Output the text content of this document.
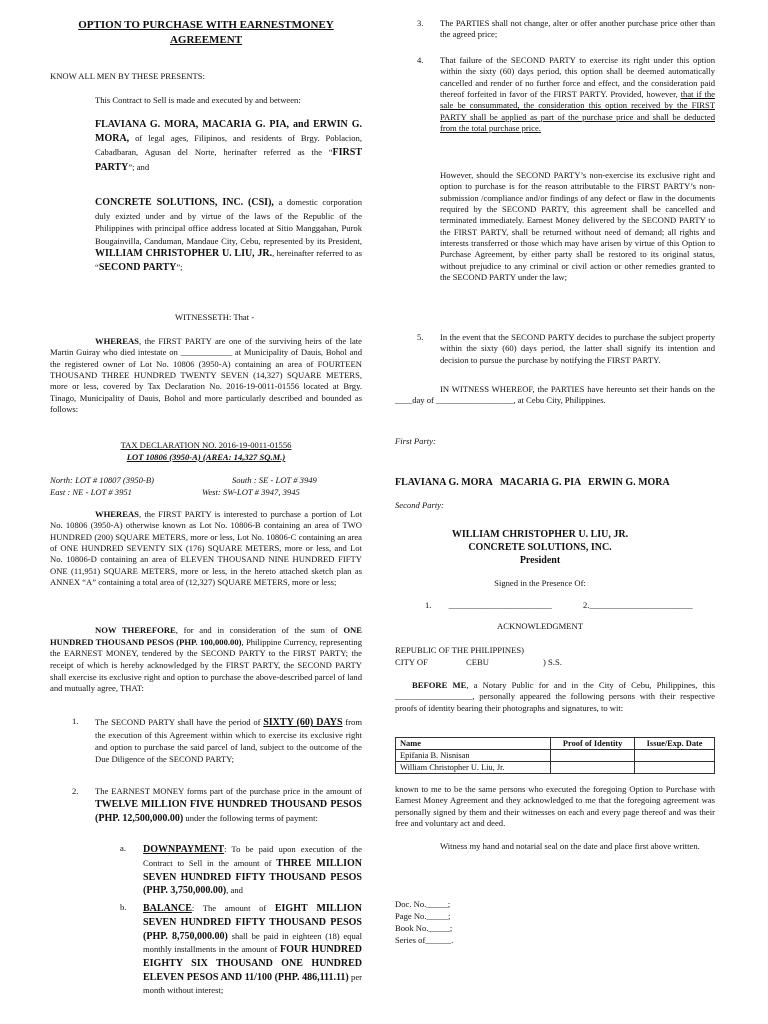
OPTION TO PURCHASE WITH EARNESTMONEY
AGREEMENT

KNOW ALL MEN BY THESE PRESENTS:

This Contract to Sell is made and executed by and between:

FLAVIANA G. MORA, MACARIA G. PIA, and ERWIN G. MORA, of legal ages, Filipinos, and residents of Brgy. Poblacion, Cabadbaran, Agusan del Norte, herinafter referred as the “FIRST PARTY”; and

CONCRETE SOLUTIONS, INC. (CSI), a domestic corporation duly exizted under and by virtue of the laws of the Republic of the Philippines with principal office address located at Sitio Manggahan, Purok Bougainvilla, Canduman, Mandaue City, Cebu, represented by its President, WILLIAM CHRISTOPHER U. LIU, JR., hereinafter referred to as “SECOND PARTY”;

WITNESSETH: That -

WHEREAS, the FIRST PARTY are one of the surviving heirs of the late Martin Guiray who died intestate on ____________ at Municipality of Dauis, Bohol and the registered owner of Lot No. 10806 (3950-A) containing an area of FOURTEEN THOUSAND THREE HUNDRED TWENTY SEVEN (14,327) SQUARE METERS, more or less, covered by Tax Declaration No. 2016-19-0011-01556 located at Brgy. Tinago, Municipality of Dauis, Bohol and more particularly described and bounded as follows:

TAX DECLARATION NO. 2016-19-0011-01556

LOT 10806 (3950-A) (AREA: 14,327 SQ.M.)

North: LOT # 10807 (3950-B)	South : SE - LOT # 3949

East : NE - LOT # 3951	West: SW-LOT # 3947, 3945

WHEREAS, the FIRST PARTY is interested to purchase a portion of Lot No. 10806 (3950-A) otherwise known as Lot No. 10806-B containing an area of TWO HUNDRED (200) SQUARE METERS, more or less, Lot No. 10806-C containing an area of ONE HUNDRED SEVENTY SIX (176) SQUARE METERS, more or less, and Lot No. 10806-D containing an area of ELEVEN THOUSAND NINE HUNDRED FIFTY ONE (11,951) SQUARE METERS, more or less, in the hereto attached sketch plan as ANNEX “A” containing a total area of (12,327) SQUARE METERS, more or less;

NOW THEREFORE, for and in consideration of the sum of ONE HUNDRED THOUSAND PESOS (PHP. 100,000.00), Philippine Currency, representing the EARNEST MONEY, tendered by the SECOND PARTY to the FIRST PARTY; the receipt of which is hereby acknowledged by the FIRST PARTY, the SECOND PARTY shall exercise its exclusive right and option to purchase the above-described parcel of land and mutually agree, THAT:

1. The SECOND PARTY shall have the period of SIXTY (60) DAYS from the execution of this Agreement within which to exercise its exclusive right and option to purchase the said parcel of land, subject to the outcome of the Due Diligence of the SECOND PARTY;

2. The EARNEST MONEY forms part of the purchase price in the amount of TWELVE MILLION FIVE HUNDRED THOUSAND PESOS (PHP. 12,500,000.00) under the following terms of payment:

a. DOWNPAYMENT: To be paid upon execution of the Contract to Sell in the amount of THREE MILLION SEVEN HUNDRED FIFTY THOUSAND PESOS (PHP. 3,750,000.00), and

b. BALANCE: The amount of EIGHT MILLION SEVEN HUNDRED FIFTY THOUSAND PESOS (PHP. 8,750,000.00) shall be paid in eighteen (18) equal monthly installments in the amount of FOUR HUNDRED EIGHTY SIX THOUSAND ONE HUNDRED ELEVEN PESOS AND 11/100 (PHP. 486,111.11) per month without interest;

3. The PARTIES shall not change, alter or offer another purchase price other than the agreed price;

4. That failure of the SECOND PARTY to exercise its right under this option within the sixty (60) days period, this option shall be deemed automatically cancelled and render of no further force and effect, and the consideration paid thereof forfeited in favor of the FIRST PARTY. Provided, however, that if the sale be consummated, the consideration this option received by the FIRST PARTY shall be applied as part of the purchase price and shall be deducted from the total purchase price.

However, should the SECOND PARTY’s non-exercise its exclusive right and option to purchase is for the reason attributable to the FIRST PARTY’s non-submission /compliance and/or findings of any defect or flaw in the documents required by the SECOND PARTY, this agreement shall be cancelled and terminated immediately. Earnest Money delivered by the SECOND PARTY to the FIRST PARTY, shall be returned without need of demand; all rights and interests transferred or those which may have arisen by virtue of this Option to Purchase Agreement, by either party shall be restored to its original status, without prejudice to any criminal or civil action or other remedies granted to the SECOND PARTY under the law;

5. In the event that the SECOND PARTY decides to purchase the subject property within the sixty (60) days period, the latter shall signify its intention and decision to pursue the purchase by notifying the FIRST PARTY.

IN WITNESS WHEREOF, the PARTIES have hereunto set their hands on the ____day of __________________, at Cebu City, Philippines.

First Party:

FLAVIANA G. MORA   MACARIA G. PIA   ERWIN G. MORA

Second Party:

WILLIAM CHRISTOPHER U. LIU, JR.

CONCRETE SOLUTIONS, INC.

President

Signed in the Presence Of:

1.        ________________________	2.________________________

ACKNOWLEDGMENT

REPUBLIC OF THE PHILIPPINES)

CITY OF	CEBU	) S.S.

BEFORE ME, a Notary Public for and in the City of Cebu, Philippines, this __________________, personally appeared the following persons with their respective proofs of identity bearing their photographs and signatures, to wit:

Name	Proof of Identity	Issue/Exp. Date
Epifania B. Nisnisan		
William Christopher U. Liu, Jr.		

known to me to be the same persons who executed the foregoing Option to Purchase with Earnest Money Agreement and they acknowledged to me that the foregoing agreement was personally signed by them and their witnesses on each and every page thereof and was their free and voluntary act and deed.

Witness my hand and notarial seal on the date and place first above written.

Doc. No._____;

Page No._____;

Book No._____;

Series of______.
